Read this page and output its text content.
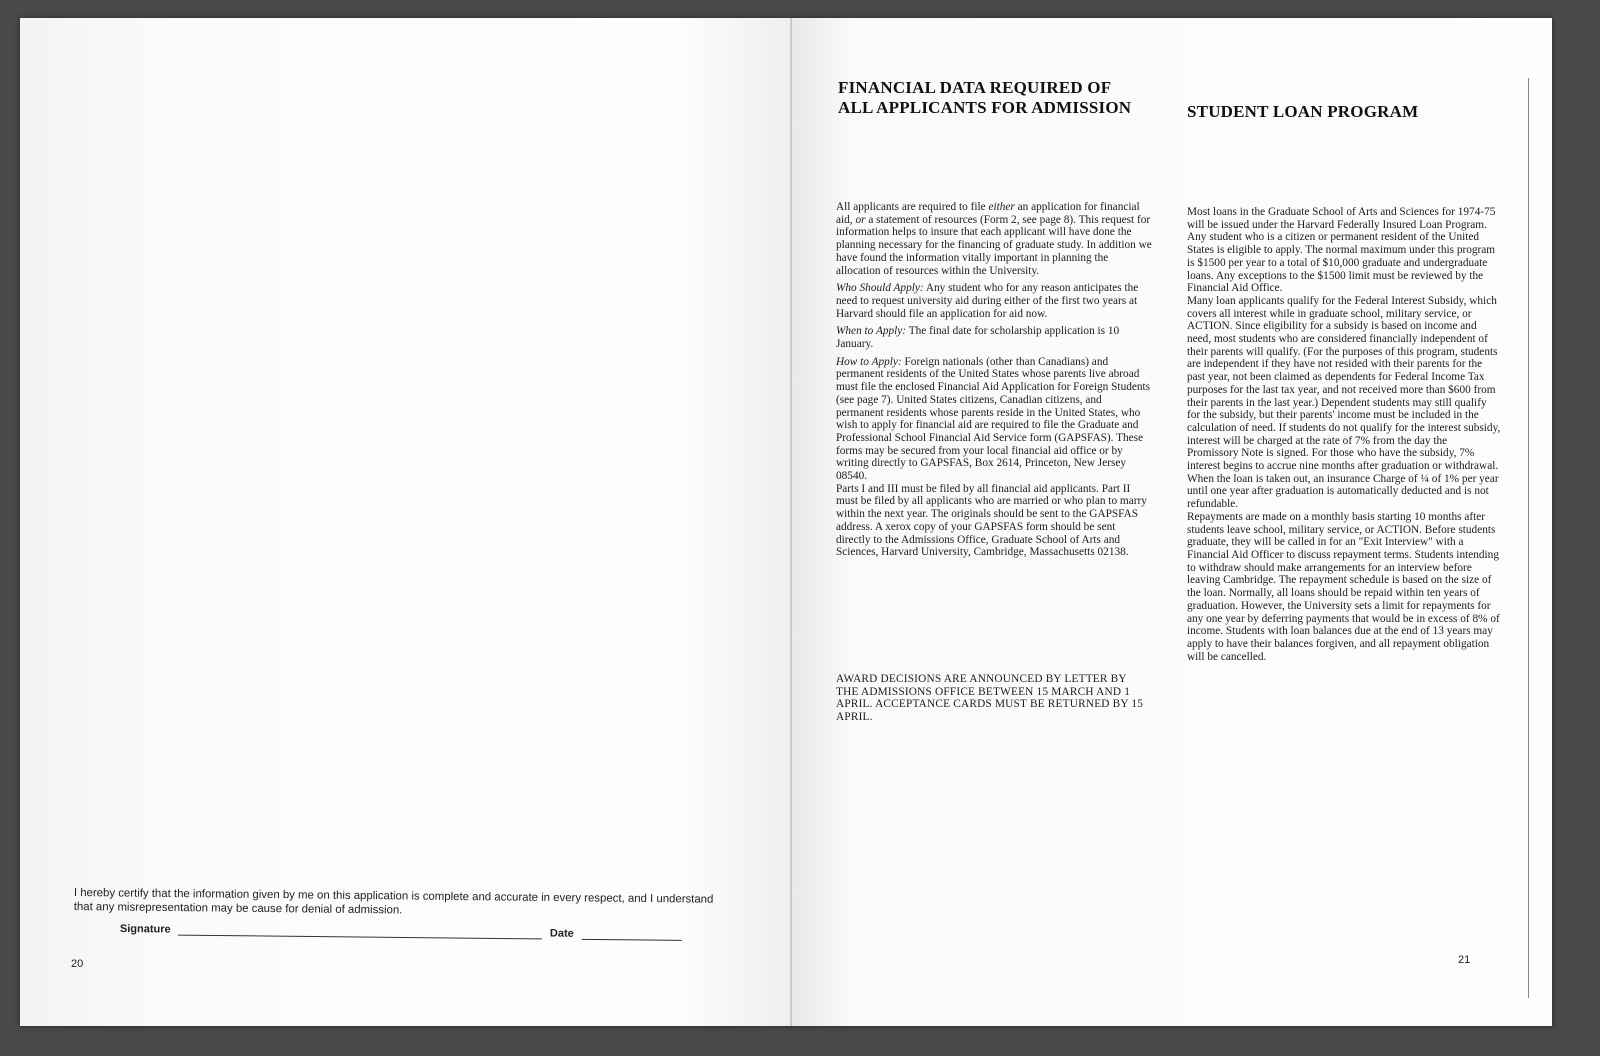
I hereby certify that the information given by me on this application is complete and accurate in every respect, and I understand that any misrepresentation may be cause for denial of admission.
Signature	Date
20
FINANCIAL DATA REQUIRED OF
ALL APPLICANTS FOR ADMISSION	STUDENT LOAN PROGRAM

All applicants are required to file either an application for financial aid, or a statement of resources (Form 2, see page 8). This request for information helps to insure that each applicant will have done the planning necessary for the financing of graduate study. In addition we have found the information vitally important in planning the allocation of resources within the University.

Who Should Apply: Any student who for any reason anticipates the need to request university aid during either of the first two years at Harvard should file an application for aid now.

When to Apply: The final date for scholarship application is 10 January.

How to Apply: Foreign nationals (other than Canadians) and permanent residents of the United States whose parents live abroad must file the enclosed Financial Aid Application for Foreign Students (see page 7). United States citizens, Canadian citizens, and permanent residents whose parents reside in the United States, who wish to apply for financial aid are required to file the Graduate and Professional School Financial Aid Service form (GAPSFAS). These forms may be secured from your local financial aid office or by writing directly to GAPSFAS, Box 2614, Princeton, New Jersey 08540.

Parts I and III must be filed by all financial aid applicants. Part II must be filed by all applicants who are married or who plan to marry within the next year. The originals should be sent to the GAPSFAS address. A xerox copy of your GAPSFAS form should be sent directly to the Admissions Office, Graduate School of Arts and Sciences, Harvard University, Cambridge, Massachusetts 02138.

AWARD DECISIONS ARE ANNOUNCED BY LETTER BY THE ADMISSIONS OFFICE BETWEEN 15 MARCH AND 1 APRIL. ACCEPTANCE CARDS MUST BE RETURNED BY 15 APRIL.

Most loans in the Graduate School of Arts and Sciences for 1974-75 will be issued under the Harvard Federally Insured Loan Program. Any student who is a citizen or permanent resident of the United States is eligible to apply. The normal maximum under this program is $1500 per year to a total of $10,000 graduate and undergraduate loans. Any exceptions to the $1500 limit must be reviewed by the Financial Aid Office.

Many loan applicants qualify for the Federal Interest Subsidy, which covers all interest while in graduate school, military service, or ACTION. Since eligibility for a subsidy is based on income and need, most students who are considered financially independent of their parents will qualify. (For the purposes of this program, students are independent if they have not resided with their parents for the past year, not been claimed as dependents for Federal Income Tax purposes for the last tax year, and not received more than $600 from their parents in the last year.) Dependent students may still qualify for the subsidy, but their parents' income must be included in the calculation of need. If students do not qualify for the interest subsidy, interest will be charged at the rate of 7% from the day the Promissory Note is signed. For those who have the subsidy, 7% interest begins to accrue nine months after graduation or withdrawal. When the loan is taken out, an insurance Charge of ¼ of 1% per year until one year after graduation is automatically deducted and is not refundable.

Repayments are made on a monthly basis starting 10 months after students leave school, military service, or ACTION. Before students graduate, they will be called in for an "Exit Interview" with a Financial Aid Officer to discuss repayment terms. Students intending to withdraw should make arrangements for an interview before leaving Cambridge. The repayment schedule is based on the size of the loan. Normally, all loans should be repaid within ten years of graduation. However, the University sets a limit for repayments for any one year by deferring payments that would be in excess of 8% of income. Students with loan balances due at the end of 13 years may apply to have their balances forgiven, and all repayment obligation will be cancelled.

21
